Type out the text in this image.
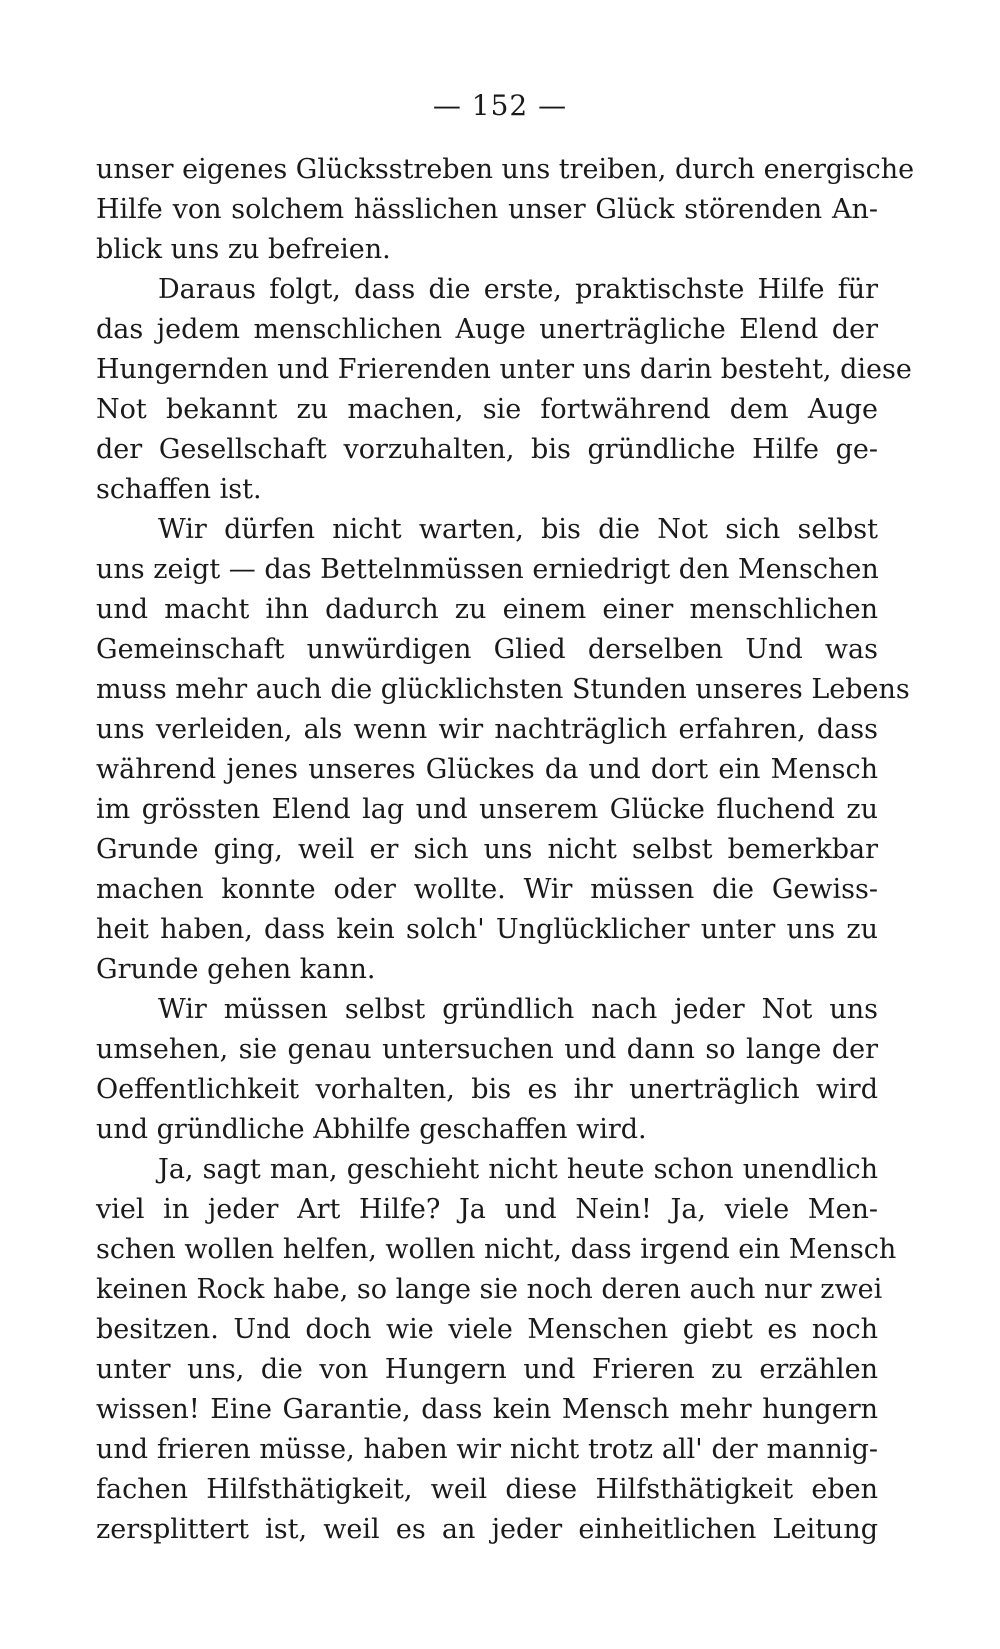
— 152 —
unser eigenes Glücksstreben uns treiben, durch energische
Hilfe von solchem hässlichen unser Glück störenden An-
blick uns zu befreien.
Daraus folgt, dass die erste, praktischste Hilfe für
das jedem menschlichen Auge unerträgliche Elend der
Hungernden und Frierenden unter uns darin besteht, diese
Not bekannt zu machen, sie fortwährend dem Auge
der Gesellschaft vorzuhalten, bis gründliche Hilfe ge-
schaffen ist.
Wir dürfen nicht warten, bis die Not sich selbst
uns zeigt — das Bettelnmüssen erniedrigt den Menschen
und macht ihn dadurch zu einem einer menschlichen
Gemeinschaft unwürdigen Glied derselben Und was
muss mehr auch die glücklichsten Stunden unseres Lebens
uns verleiden, als wenn wir nachträglich erfahren, dass
während jenes unseres Glückes da und dort ein Mensch
im grössten Elend lag und unserem Glücke fluchend zu
Grunde ging, weil er sich uns nicht selbst bemerkbar
machen konnte oder wollte. Wir müssen die Gewiss-
heit haben, dass kein solch' Unglücklicher unter uns zu
Grunde gehen kann.
Wir müssen selbst gründlich nach jeder Not uns
umsehen, sie genau untersuchen und dann so lange der
Oeffentlichkeit vorhalten, bis es ihr unerträglich wird
und gründliche Abhilfe geschaffen wird.
Ja, sagt man, geschieht nicht heute schon unendlich
viel in jeder Art Hilfe? Ja und Nein! Ja, viele Men-
schen wollen helfen, wollen nicht, dass irgend ein Mensch
keinen Rock habe, so lange sie noch deren auch nur zwei
besitzen. Und doch wie viele Menschen giebt es noch
unter uns, die von Hungern und Frieren zu erzählen
wissen! Eine Garantie, dass kein Mensch mehr hungern
und frieren müsse, haben wir nicht trotz all' der mannig-
fachen Hilfsthätigkeit, weil diese Hilfsthätigkeit eben
zersplittert ist, weil es an jeder einheitlichen Leitung
